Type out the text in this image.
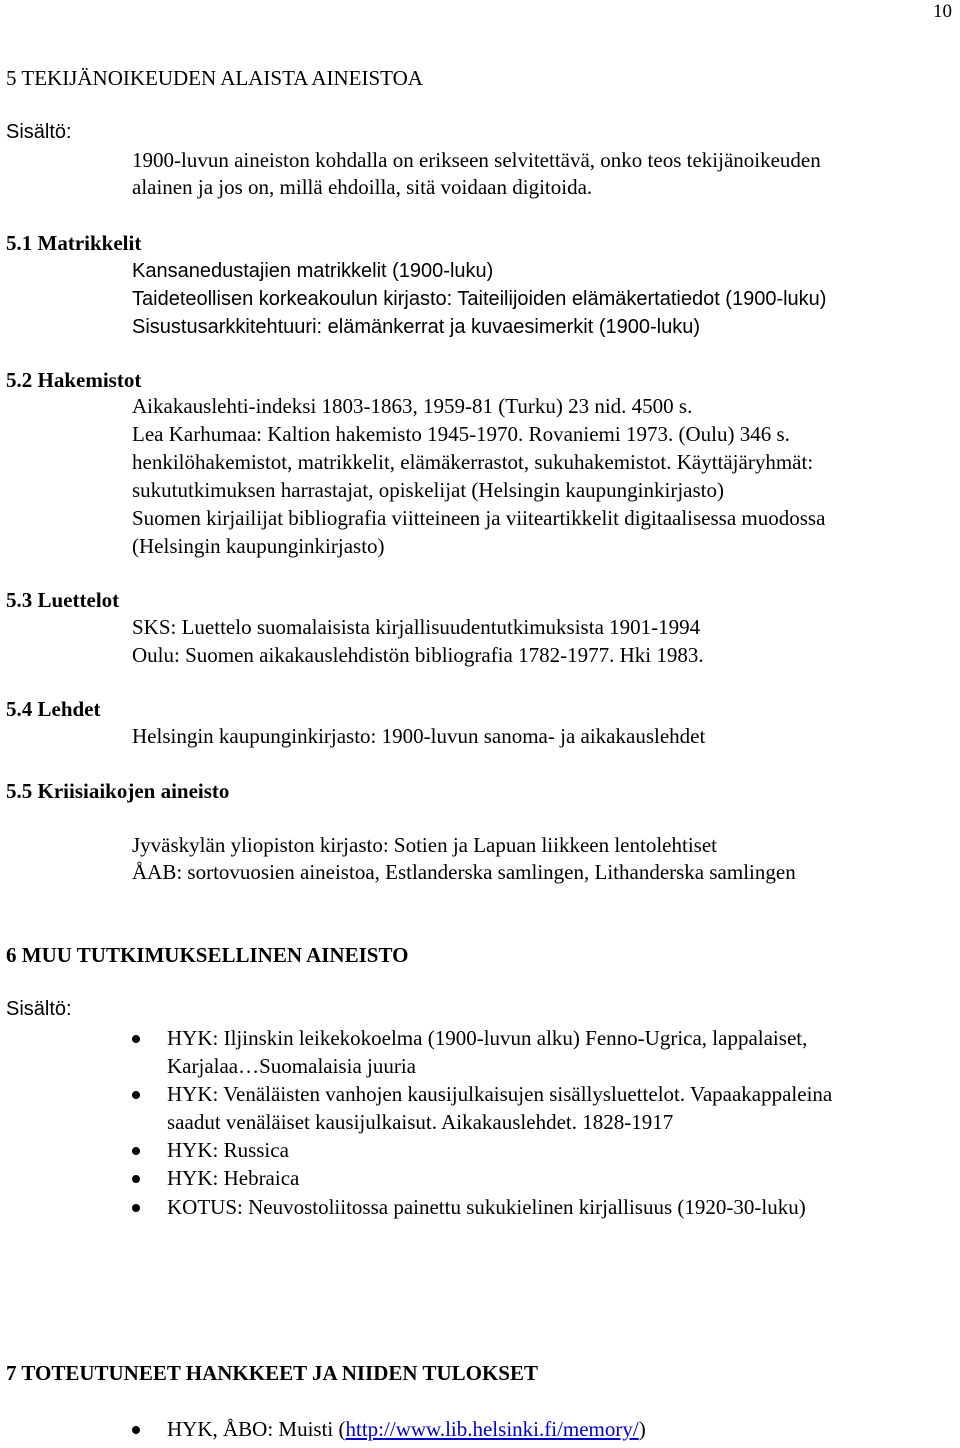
10
5 TEKIJÄNOIKEUDEN ALAISTA AINEISTOA
Sisältö:
1900-luvun aineiston kohdalla on erikseen selvitettävä, onko teos tekijänoikeuden
alainen ja jos on, millä ehdoilla, sitä voidaan digitoida.
5.1 Matrikkelit
Kansanedustajien matrikkelit (1900-luku)
Taideteollisen korkeakoulun kirjasto: Taiteilijoiden elämäkertatiedot (1900-luku)
Sisustusarkkitehtuuri: elämänkerrat ja kuvaesimerkit (1900-luku)
5.2 Hakemistot
Aikakauslehti-indeksi 1803-1863, 1959-81 (Turku) 23 nid. 4500 s.
Lea Karhumaa: Kaltion hakemisto 1945-1970. Rovaniemi 1973. (Oulu) 346 s.
henkilöhakemistot, matrikkelit, elämäkerrastot, sukuhakemistot. Käyttäjäryhmät:
sukututkimuksen harrastajat, opiskelijat (Helsingin kaupunginkirjasto)
Suomen kirjailijat bibliografia viitteineen ja viiteartikkelit digitaalisessa muodossa
(Helsingin kaupunginkirjasto)
5.3 Luettelot
SKS: Luettelo suomalaisista kirjallisuudentutkimuksista 1901-1994
Oulu: Suomen aikakauslehdistön bibliografia 1782-1977. Hki 1983.
5.4 Lehdet
Helsingin kaupunginkirjasto: 1900-luvun sanoma- ja aikakauslehdet
5.5 Kriisiaikojen aineisto
Jyväskylän yliopiston kirjasto: Sotien ja Lapuan liikkeen lentolehtiset
ÅAB: sortovuosien aineistoa, Estlanderska samlingen, Lithanderska samlingen
6 MUU TUTKIMUKSELLINEN AINEISTO
Sisältö:
HYK: Iljinskin leikekokoelma (1900-luvun alku) Fenno-Ugrica, lappalaiset,
Karjalaa…Suomalaisia juuria
HYK: Venäläisten vanhojen kausijulkaisujen sisällysluettelot. Vapaakappaleina
saadut venäläiset kausijulkaisut. Aikakauslehdet. 1828-1917
HYK: Russica
HYK: Hebraica
KOTUS: Neuvostoliitossa painettu sukukielinen kirjallisuus (1920-30-luku)
7 TOTEUTUNEET HANKKEET JA NIIDEN TULOKSET
HYK, ÅBO: Muisti (http://www.lib.helsinki.fi/memory/)
